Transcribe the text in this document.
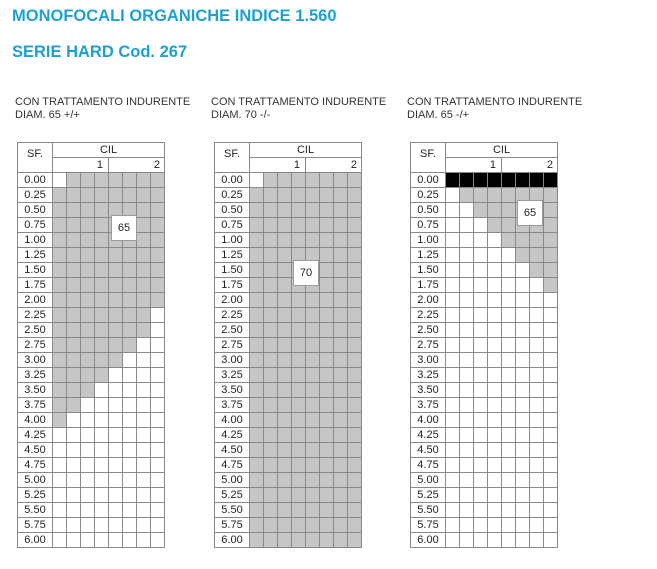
MONOFOCALI ORGANICHE INDICE 1.560
SERIE HARD Cod. 267
CON TRATTAMENTO INDURENTE
DIAM. 65 +/+
SF.	CIL							
	1				2			
0.00								
0.25								
0.50								
0.75								
1.00								
1.25								
1.50								
1.75								
2.00								
2.25								
2.50								
2.75								
3.00								
3.25								
3.50								
3.75								
4.00								
4.25								
4.50								
4.75								
5.00								
5.25								
5.50								
5.75								
6.00								
65
CON TRATTAMENTO INDURENTE
DIAM. 70 -/-
SF.	CIL							
	1				2			
0.00								
0.25								
0.50								
0.75								
1.00								
1.25								
1.50								
1.75								
2.00								
2.25								
2.50								
2.75								
3.00								
3.25								
3.50								
3.75								
4.00								
4.25								
4.50								
4.75								
5.00								
5.25								
5.50								
5.75								
6.00								
70
CON TRATTAMENTO INDURENTE
DIAM. 65 -/+
SF.	CIL							
	1				2			
0.00								
0.25								
0.50								
0.75								
1.00								
1.25								
1.50								
1.75								
2.00								
2.25								
2.50								
2.75								
3.00								
3.25								
3.50								
3.75								
4.00								
4.25								
4.50								
4.75								
5.00								
5.25								
5.50								
5.75								
6.00								
65
